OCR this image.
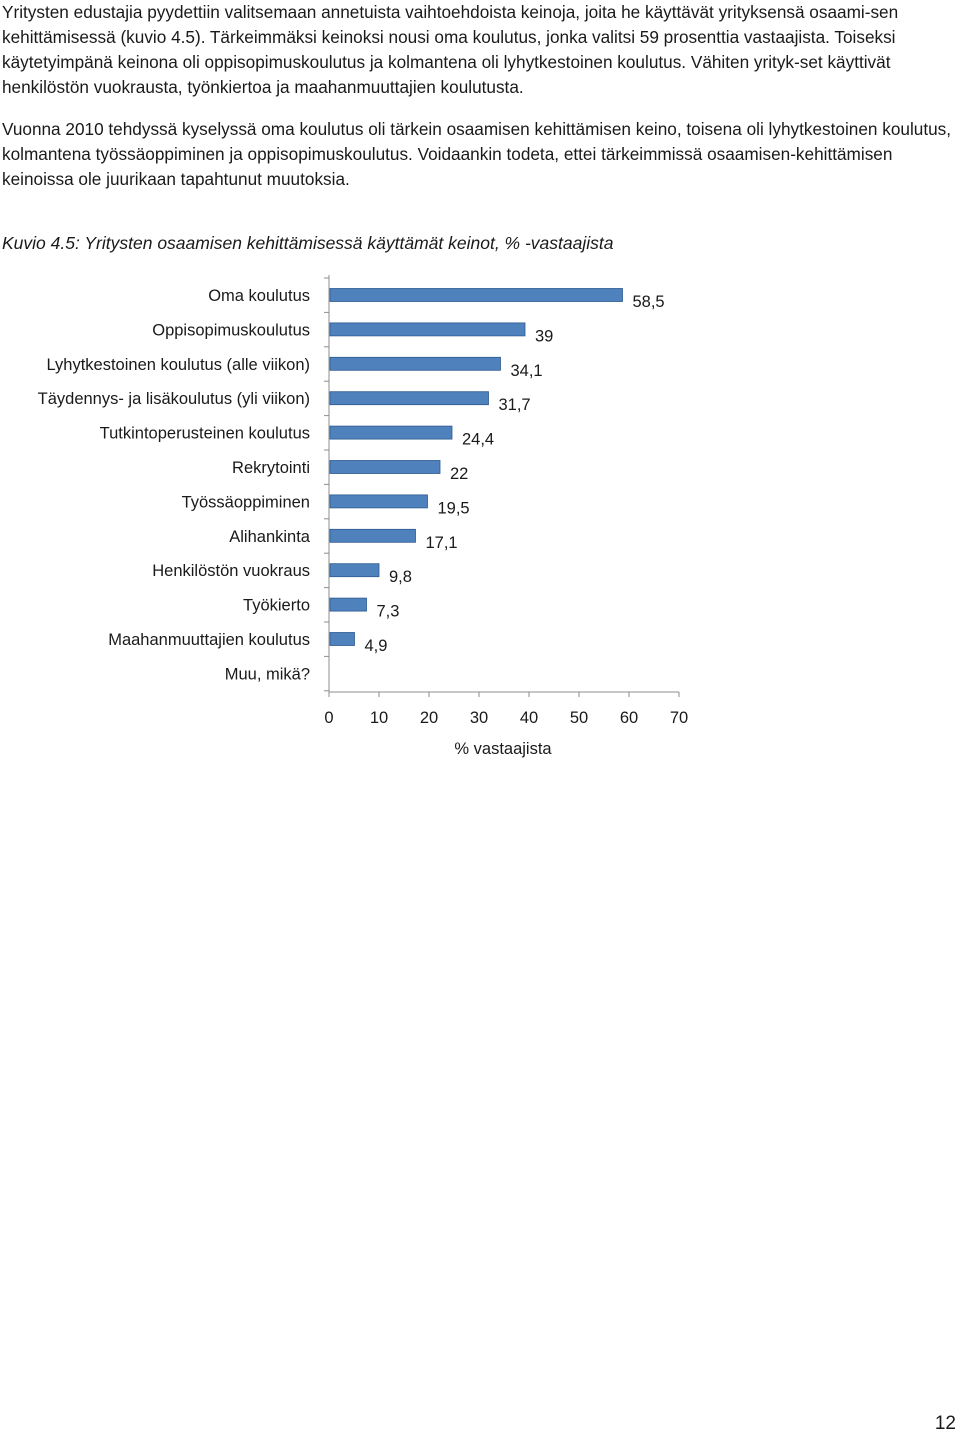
Yritysten edustajia pyydettiin valitsemaan annetuista vaihtoehdoista keinoja, joita he käyttävät yrityksensä osaami-sen kehittämisessä (kuvio 4.5). Tärkeimmäksi keinoksi nousi oma koulutus, jonka valitsi 59 prosenttia vastaajista. Toiseksi käytetyimpänä keinona oli oppisopimuskoulutus ja kolmantena oli lyhytkestoinen koulutus. Vähiten yrityk-set käyttivät henkilöstön vuokrausta, työnkiertoa ja maahanmuuttajien koulutusta.

Vuonna 2010 tehdyssä kyselyssä oma koulutus oli tärkein osaamisen kehittämisen keino, toisena oli lyhytkestoinen koulutus, kolmantena työssäoppiminen ja oppisopimuskoulutus. Voidaankin todeta, ettei tärkeimmissä osaamisen-kehittämisen keinoissa ole juurikaan tapahtunut muutoksia.

Kuvio 4.5: Yritysten osaamisen kehittämisessä käyttämät keinot, % -vastaajista

Oma koulutus
Oppisopimuskoulutus
Lyhytkestoinen koulutus (alle viikon)
Täydennys- ja lisäkoulutus (yli viikon)
Tutkintoperusteinen koulutus
Rekrytointi
Työssäoppiminen
Alihankinta
Henkilöstön vuokraus
Työkierto
Maahanmuuttajien koulutus
Muu, mikä?
58,5
39
34,1
31,7
24,4
22
19,5
17,1
9,8
7,3
4,9
0 10 20 30 40 50 60 70
% vastaajista

12
